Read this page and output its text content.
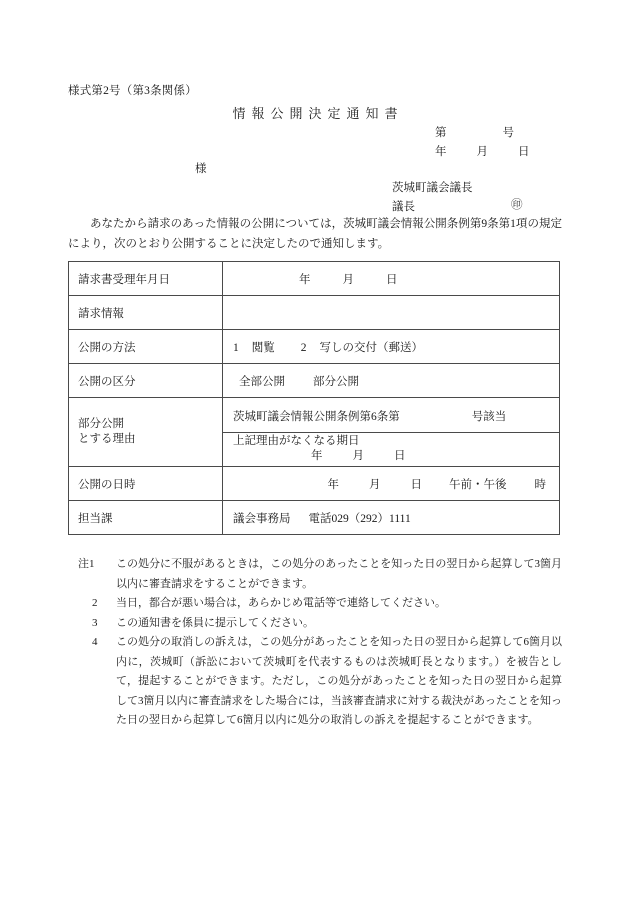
様式第2号（第3条関係）
情報公開決定通知書
第	号
年	月	日
様
茨城町議会議長
議長	㊞
あなたから請求のあった情報の公開については，茨城町議会情報公開条例第9条第1項の規定により，次のとおり公開することに決定したので通知します。
請求書受理年月日	年	月	日

請求情報

公開の方法	1 閲覧 2 写しの交付（郵送）

公開の区分	全部公開 部分公開

部分公開
とする理由

茨城町議会情報公開条例第6条第	号該当

上記理由がなくなる期日
年	月	日

公開の日時	年	月	日 午前・午後 時

担当課	議会事務局 電話029（292）1111
注1	この処分に不服があるときは，この処分のあったことを知った日の翌日から起算して3箇月以内に審査請求をすることができます。
2	当日，都合が悪い場合は，あらかじめ電話等で連絡してください。
3	この通知書を係員に提示してください。
4	この処分の取消しの訴えは，この処分があったことを知った日の翌日から起算して6箇月以内に，茨城町（訴訟において茨城町を代表するものは茨城町長となります。）を被告として，提起することができます。ただし，この処分があったことを知った日の翌日から起算して3箇月以内に審査請求をした場合には，当該審査請求に対する裁決があったことを知った日の翌日から起算して6箇月以内に処分の取消しの訴えを提起することができます。
